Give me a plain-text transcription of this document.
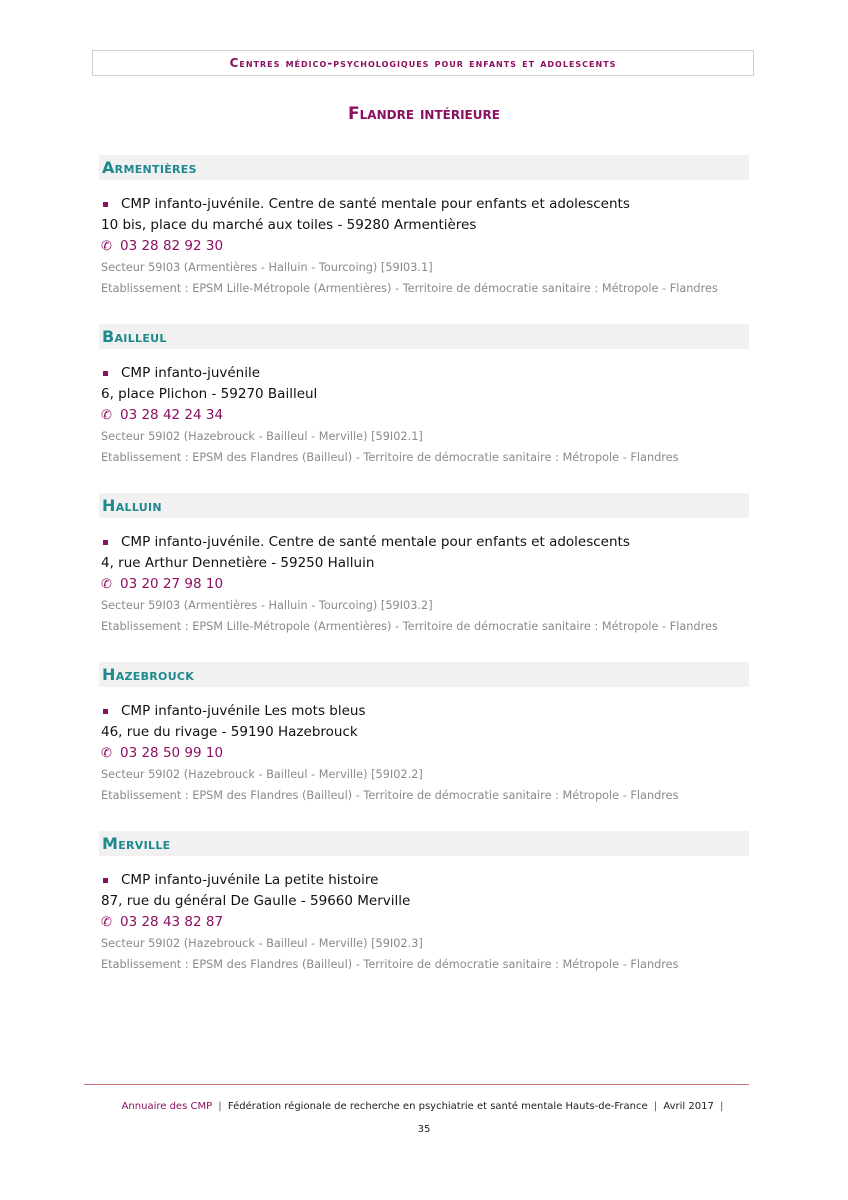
Centres médico-psychologiques pour enfants et adolescents
Flandre intérieure
Armentières
CMP infanto-juvénile. Centre de santé mentale pour enfants et adolescents
10 bis, place du marché aux toiles - 59280 Armentières
✆ 03 28 82 92 30
Secteur 59I03 (Armentières - Halluin - Tourcoing) [59I03.1]
Etablissement : EPSM Lille-Métropole (Armentières) - Territoire de démocratie sanitaire : Métropole - Flandres
Bailleul
CMP infanto-juvénile
6, place Plichon - 59270 Bailleul
✆ 03 28 42 24 34
Secteur 59I02 (Hazebrouck - Bailleul - Merville) [59I02.1]
Etablissement : EPSM des Flandres (Bailleul) - Territoire de démocratie sanitaire : Métropole - Flandres
Halluin
CMP infanto-juvénile. Centre de santé mentale pour enfants et adolescents
4, rue Arthur Dennetière - 59250 Halluin
✆ 03 20 27 98 10
Secteur 59I03 (Armentières - Halluin - Tourcoing) [59I03.2]
Etablissement : EPSM Lille-Métropole (Armentières) - Territoire de démocratie sanitaire : Métropole - Flandres
Hazebrouck
CMP infanto-juvénile Les mots bleus
46, rue du rivage - 59190 Hazebrouck
✆ 03 28 50 99 10
Secteur 59I02 (Hazebrouck - Bailleul - Merville) [59I02.2]
Etablissement : EPSM des Flandres (Bailleul) - Territoire de démocratie sanitaire : Métropole - Flandres
Merville
CMP infanto-juvénile La petite histoire
87, rue du général De Gaulle - 59660 Merville
✆ 03 28 43 82 87
Secteur 59I02 (Hazebrouck - Bailleul - Merville) [59I02.3]
Etablissement : EPSM des Flandres (Bailleul) - Territoire de démocratie sanitaire : Métropole - Flandres
Annuaire des CMP | Fédération régionale de recherche en psychiatrie et santé mentale Hauts-de-France | Avril 2017 |
35
